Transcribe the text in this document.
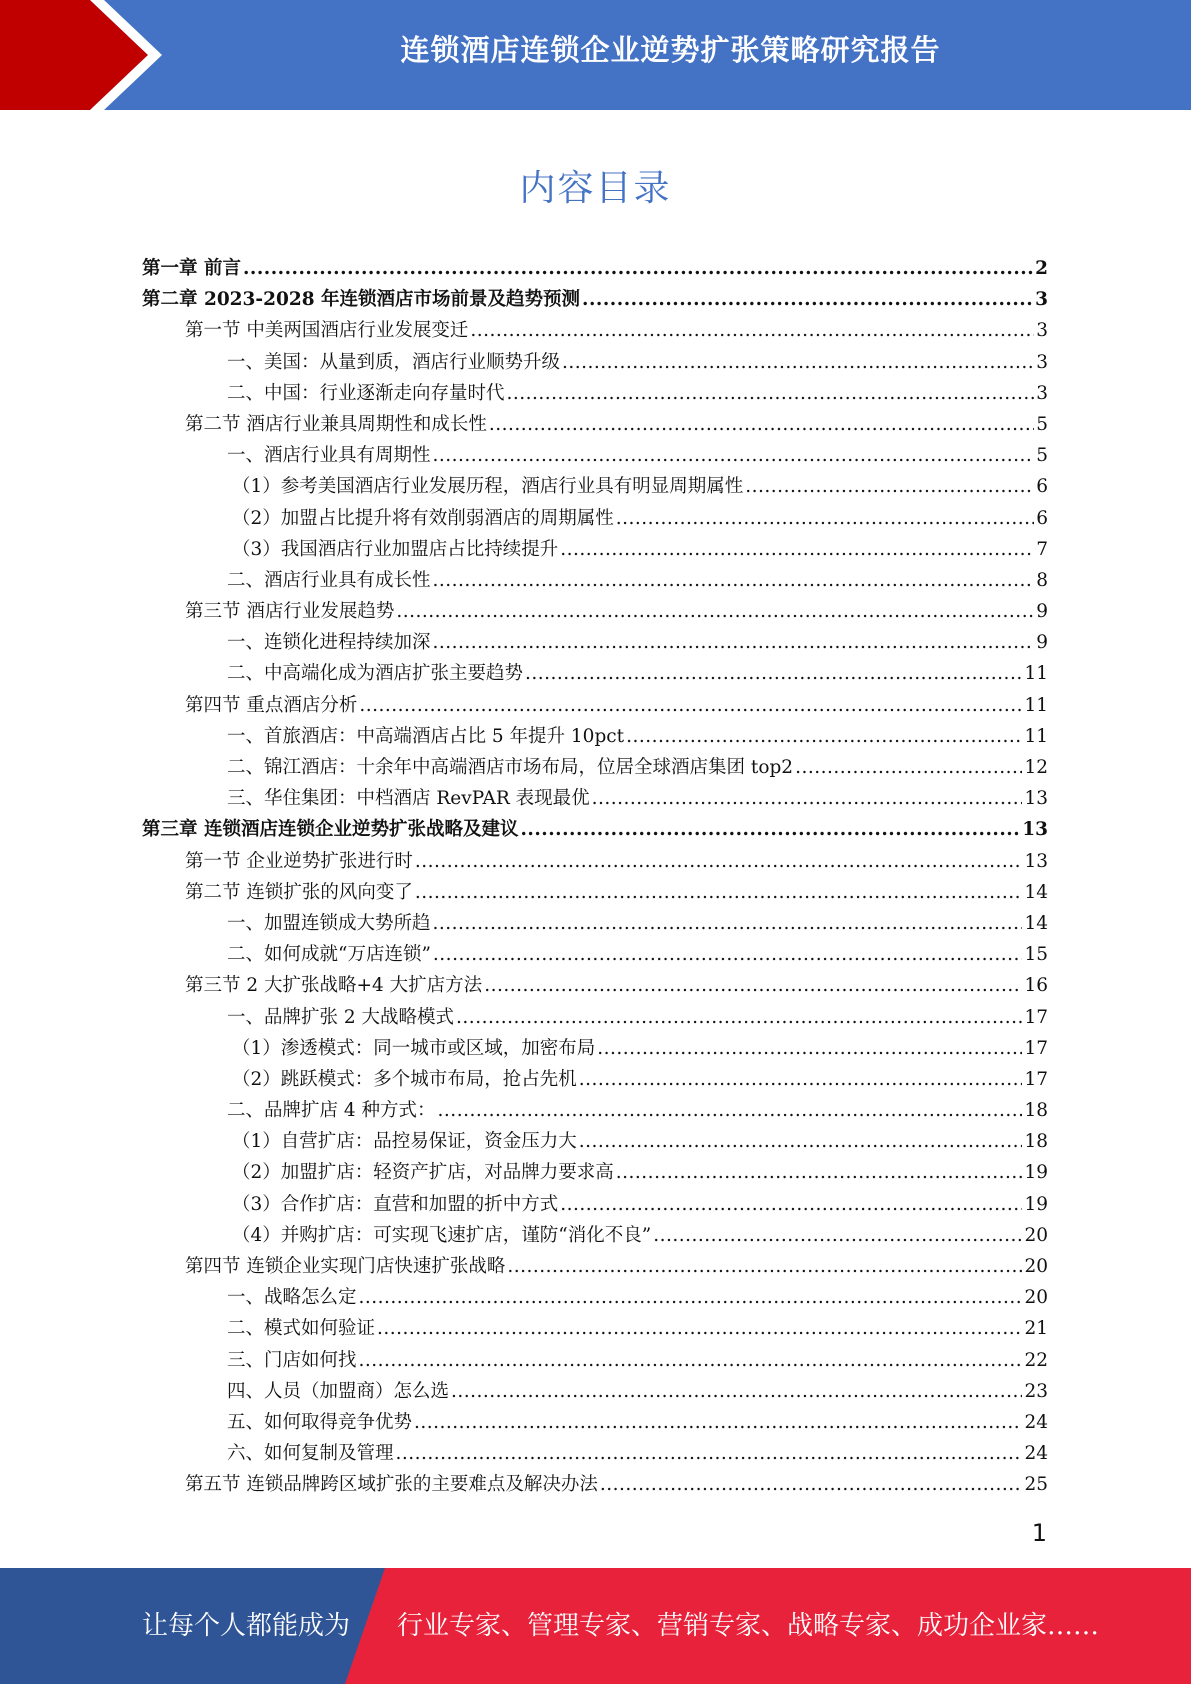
连锁酒店连锁企业逆势扩张策略研究报告
内容目录
第一章 前言 .....	2
第二章 2023-2028 年连锁酒店市场前景及趋势预测 .....	3
第一节 中美两国酒店行业发展变迁 .....	3
一、美国：从量到质，酒店行业顺势升级 .....	3
二、中国：行业逐渐走向存量时代 .....	3
第二节 酒店行业兼具周期性和成长性 .....	5
一、酒店行业具有周期性 .....	5
（1）参考美国酒店行业发展历程，酒店行业具有明显周期属性 .....	6
（2）加盟占比提升将有效削弱酒店的周期属性 .....	6
（3）我国酒店行业加盟店占比持续提升 .....	7
二、酒店行业具有成长性 .....	8
第三节 酒店行业发展趋势 .....	9
一、连锁化进程持续加深 .....	9
二、中高端化成为酒店扩张主要趋势 .....	11
第四节 重点酒店分析 .....	11
一、首旅酒店：中高端酒店占比 5 年提升 10pct .....	11
二、锦江酒店：十余年中高端酒店市场布局，位居全球酒店集团 top2 .....	12
三、华住集团：中档酒店 RevPAR 表现最优 .....	13
第三章 连锁酒店连锁企业逆势扩张战略及建议 .....	13
第一节 企业逆势扩张进行时 .....	13
第二节 连锁扩张的风向变了 .....	14
一、加盟连锁成大势所趋 .....	14
二、如何成就“万店连锁” .....	15
第三节 2 大扩张战略+4 大扩店方法 .....	16
一、品牌扩张 2 大战略模式 .....	17
（1）渗透模式：同一城市或区域，加密布局 .....	17
（2）跳跃模式：多个城市布局，抢占先机 .....	17
二、品牌扩店 4 种方式： .....	18
（1）自营扩店：品控易保证，资金压力大 .....	18
（2）加盟扩店：轻资产扩店，对品牌力要求高 .....	19
（3）合作扩店：直营和加盟的折中方式 .....	19
（4）并购扩店：可实现飞速扩店，谨防“消化不良” .....	20
第四节 连锁企业实现门店快速扩张战略 .....	20
一、战略怎么定 .....	20
二、模式如何验证 .....	21
三、门店如何找 .....	22
四、人员（加盟商）怎么选 .....	23
五、如何取得竞争优势 .....	24
六、如何复制及管理 .....	24
第五节 连锁品牌跨区域扩张的主要难点及解决办法 .....	25
1
让每个人都能成为 行业专家、管理专家、营销专家、战略专家、成功企业家……
